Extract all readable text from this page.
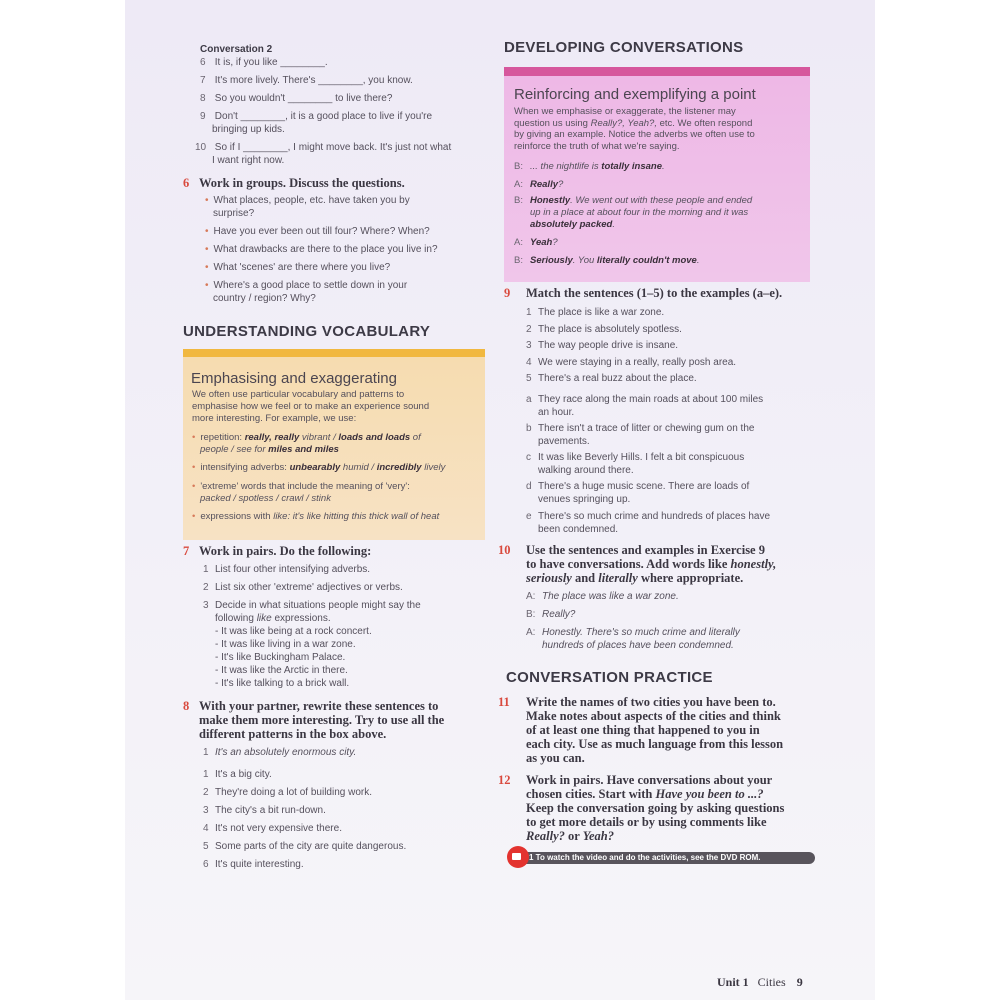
Conversation 2
6 It is, if you like ________.
7 It's more lively. There's ________, you know.
8 So you wouldn't ________ to live there?
9 Don't ________, it is a good place to live if you're
bringing up kids.
10 So if I ________, I might move back. It's just not what
I want right now.
6 Work in groups. Discuss the questions.
• What places, people, etc. have taken you by
surprise?
• Have you ever been out till four? Where? When?
• What drawbacks are there to the place you live in?
• What 'scenes' are there where you live?
• Where's a good place to settle down in your
country / region? Why?
UNDERSTANDING VOCABULARY
Emphasising and exaggerating
We often use particular vocabulary and patterns to
emphasise how we feel or to make an experience sound
more interesting. For example, we use:
• repetition: really, really vibrant / loads and loads of
people / see for miles and miles
• intensifying adverbs: unbearably humid / incredibly lively
• 'extreme' words that include the meaning of 'very':
packed / spotless / crawl / stink
• expressions with like: it's like hitting this thick wall of heat
7 Work in pairs. Do the following:
1 List four other intensifying adverbs.
2 List six other 'extreme' adjectives or verbs.
3 Decide in what situations people might say the
following like expressions.
- It was like being at a rock concert.
- It was like living in a war zone.
- It's like Buckingham Palace.
- It was like the Arctic in there.
- It's like talking to a brick wall.
8 With your partner, rewrite these sentences to
make them more interesting. Try to use all the
different patterns in the box above.
1 It's an absolutely enormous city.
1 It's a big city.
2 They're doing a lot of building work.
3 The city's a bit run-down.
4 It's not very expensive there.
5 Some parts of the city are quite dangerous.
6 It's quite interesting.
DEVELOPING CONVERSATIONS
Reinforcing and exemplifying a point
When we emphasise or exaggerate, the listener may
question us using Really?, Yeah?, etc. We often respond
by giving an example. Notice the adverbs we often use to
reinforce the truth of what we're saying.
B: ... the nightlife is totally insane.
A: Really?
B: Honestly. We went out with these people and ended
up in a place at about four in the morning and it was
absolutely packed.
A: Yeah?
B: Seriously. You literally couldn't move.
9 Match the sentences (1–5) to the examples (a–e).
1 The place is like a war zone.
2 The place is absolutely spotless.
3 The way people drive is insane.
4 We were staying in a really, really posh area.
5 There's a real buzz about the place.
a They race along the main roads at about 100 miles
an hour.
b There isn't a trace of litter or chewing gum on the
pavements.
c It was like Beverly Hills. I felt a bit conspicuous
walking around there.
d There's a huge music scene. There are loads of
venues springing up.
e There's so much crime and hundreds of places have
been condemned.
10 Use the sentences and examples in Exercise 9
to have conversations. Add words like honestly,
seriously and literally where appropriate.
A: The place was like a war zone.
B: Really?
A: Honestly. There's so much crime and literally
hundreds of places have been condemned.
CONVERSATION PRACTICE
11 Write the names of two cities you have been to.
Make notes about aspects of the cities and think
of at least one thing that happened to you in
each city. Use as much language from this lesson
as you can.
12 Work in pairs. Have conversations about your
chosen cities. Start with Have you been to ...?
Keep the conversation going by asking questions
to get more details or by using comments like
Really? or Yeah?
1 To watch the video and do the activities, see the DVD ROM.
Unit 1 Cities 9
